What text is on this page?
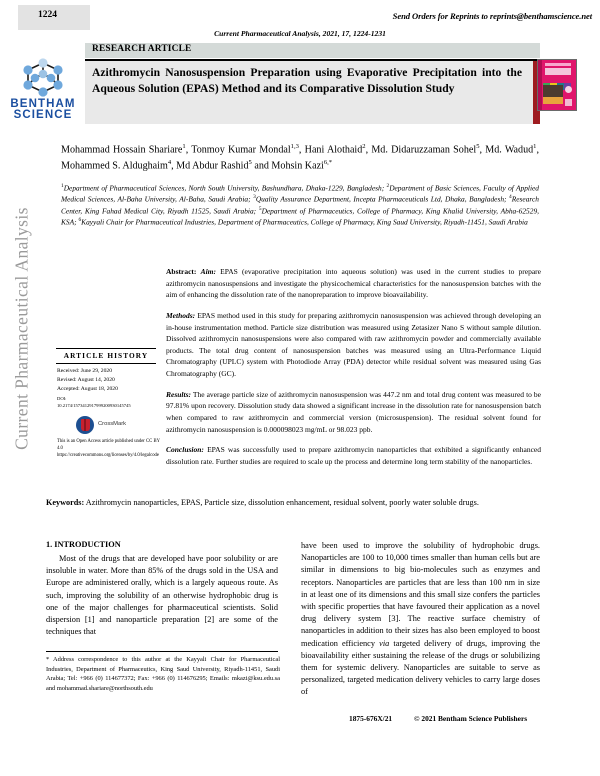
Current Pharmaceutical Analysis
1224	Send Orders for Reprints to reprints@benthamscience.net
Current Pharmaceutical Analysis, 2021, 17, 1224-1231
RESEARCH ARTICLE
Azithromycin Nanosuspension Preparation using Evaporative Precipitation into the Aqueous Solution (EPAS) Method and its Comparative Dissolution Study
BENTHAM
SCIENCE
Mohammad Hossain Shariare$^1$, Tonmoy Kumar Mondal$^{1,3}$, Hani Alothaid$^2$, Md. Didaruzzaman Sohel$^5$, Md. Wadud$^1$, Mohammed S. Aldughaim$^4$, Md Abdur Rashid$^5$ and Mohsin Kazi$^{6,*}$
$^1$Department of Pharmaceutical Sciences, North South University, Bashundhara, Dhaka-1229, Bangladesh; $^2$Department of Basic Sciences, Faculty of Applied Medical Sciences, Al-Baha University, Al-Baha, Saudi Arabia; $^3$Quality Assurance Department, Incepta Pharmaceuticals Ltd, Dhaka, Bangladesh; $^4$Research Center, King Fahad Medical City, Riyadh 11525, Saudi Arabia; $^5$Department of Pharmaceutics, College of Pharmacy, King Khalid University, Abha-62529, KSA; $^6$Kayyali Chair for Pharmaceutical Industries, Department of Pharmaceutics, College of Pharmacy, King Saud University, Riyadh-11451, Saudi Arabia
ARTICLE HISTORY
Received: June 29, 2020
Revised: August 14, 2020
Accepted: August 18, 2020
DOI:
10.2174/1573412917999200930145745
CrossMark
This is an Open Access article published under CC BY 4.0 https://creativecommons.org/licenses/by/4.0/legalcode

Abstract: Aim: EPAS (evaporative precipitation into aqueous solution) was used in the current studies to prepare azithromycin nanosuspensions and investigate the physicochemical characteristics for the nanosuspension batches with the aim of enhancing the dissolution rate of the nanopreparation to improve bioavailability.

Methods: EPAS method used in this study for preparing azithromycin nanosuspension was achieved through developing an in-house instrumentation method. Particle size distribution was measured using Zetasizer Nano S without sample dilution. Dissolved azithromycin nanosuspensions were also compared with raw azithromycin powder and commercially available products. The total drug content of nanosuspension batches was measured using an Ultra-Performance Liquid Chromatography (UPLC) system with Photodiode Array (PDA) detector while residual solvent was measured using Gas Chromatography (GC).

Results: The average particle size of azithromycin nanosuspension was 447.2 nm and total drug content was measured to be 97.81% upon recovery. Dissolution study data showed a significant increase in the dissolution rate for nanosuspension batch when compared to raw azithromycin and commercial version (microsuspension). The residual solvent found for azithromycin nanosuspension is 0.000098023 mg/mL or 98.023 ppb.

Conclusion: EPAS was successfully used to prepare azithromycin nanoparticles that exhibited a significantly enhanced dissolution rate. Further studies are required to scale up the process and determine long term stability of the nanoparticles.

Keywords: Azithromycin nanoparticles, EPAS, Particle size, dissolution enhancement, residual solvent, poorly water soluble drugs.
1. INTRODUCTION
Most of the drugs that are developed have poor solubility or are insoluble in water. More than 85% of the drugs sold in the USA and Europe are administered orally, which is a largely aqueous route. As such, improving the solubility of an otherwise hydrophobic drug is one of the major challenges for pharmaceutical scientists. Solid dispersion [1] and nanoparticle preparation [2] are some of the techniques that
have been used to improve the solubility of hydrophobic drugs. Nanoparticles are 100 to 10,000 times smaller than human cells but are similar in dimensions to big bio-molecules such as enzymes and receptors. Nanoparticles are particles that are less than 100 nm in size in at least one of its dimensions and this small size confers the particles with specific properties that have favoured their application as a novel drug delivery system [3]. The reactive surface chemistry of nanoparticles in addition to their sizes has also been employed to boost medication efficiency via targeted delivery of drugs, improving the bioavailability either sustaining the release of the drugs or solubilizing them for systemic delivery. Nanoparticles are suitable to serve as personalized, targeted medication delivery vehicles to carry large doses of
* Address correspondence to this author at the Kayyali Chair for Pharmaceutical Industries, Department of Pharmaceutics, King Saud University, Riyadh-11451, Saudi Arabia; Tel: +966 (0) 114677372; Fax: +966 (0) 114676295; Emails: mkazi@ksu.edu.sa and mohammad.shariare@northsouth.edu
1875-676X/21	© 2021 Bentham Science Publishers
